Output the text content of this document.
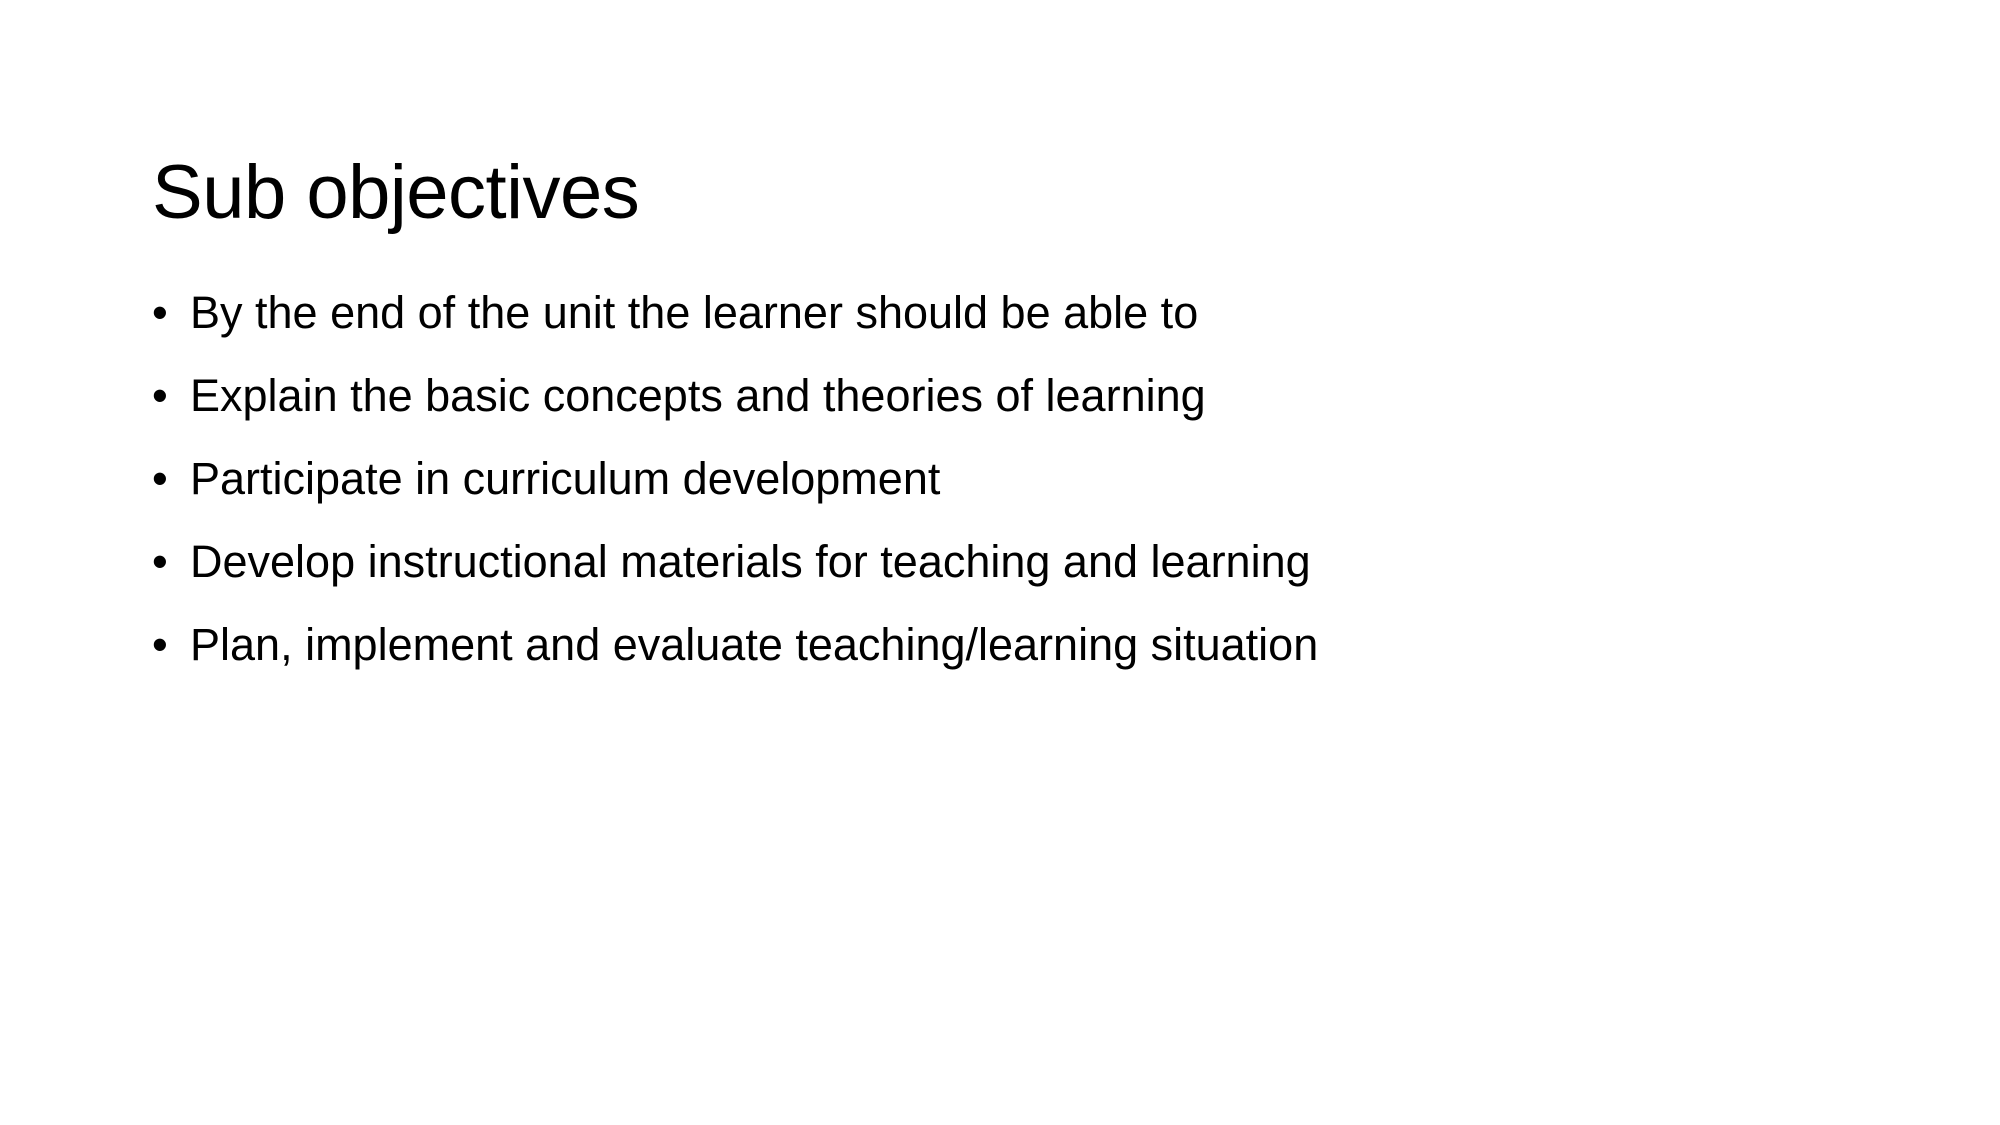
Sub objectives
• By the end of the unit the learner should be able to
• Explain the basic concepts and theories of learning
• Participate in curriculum development
• Develop instructional materials for teaching and learning
• Plan, implement and evaluate teaching/learning situation
